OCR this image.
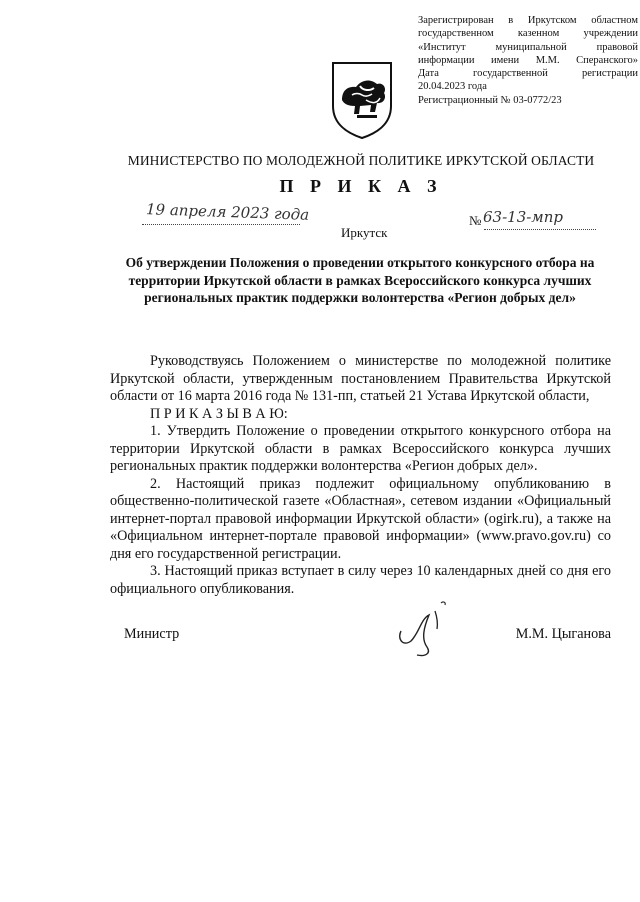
Зарегистрирован в Иркутском областном
государственном казенном учреждении
«Институт муниципальной правовой
информации имени М.М. Сперанского»
Дата государственной регистрации
20.04.2023 года
Регистрационный № 03-0772/23
МИНИСТЕРСТВО ПО МОЛОДЕЖНОЙ ПОЛИТИКЕ ИРКУТСКОЙ ОБЛАСТИ
П Р И К А З
19 апреля 2023 года	№ 63-13-мпр
Иркутск
Об утверждении Положения о проведении открытого конкурсного отбора на территории Иркутской области в рамках Всероссийского конкурса лучших региональных практик поддержки волонтерства «Регион добрых дел»

Руководствуясь Положением о министерстве по молодежной политике Иркутской области, утвержденным постановлением Правительства Иркутской области от 16 марта 2016 года № 131-пп, статьей 21 Устава Иркутской области,

П Р И К А З Ы В А Ю:

1. Утвердить Положение о проведении открытого конкурсного отбора на территории Иркутской области в рамках Всероссийского конкурса лучших региональных практик поддержки волонтерства «Регион добрых дел».

2. Настоящий приказ подлежит официальному опубликованию в общественно-политической газете «Областная», сетевом издании «Официальный интернет-портал правовой информации Иркутской области» (ogirk.ru), а также на «Официальном интернет-портале правовой информации» (www.pravo.gov.ru) со дня его государственной регистрации.

3. Настоящий приказ вступает в силу через 10 календарных дней со дня его официального опубликования.

Министр	М.М. Цыганова
